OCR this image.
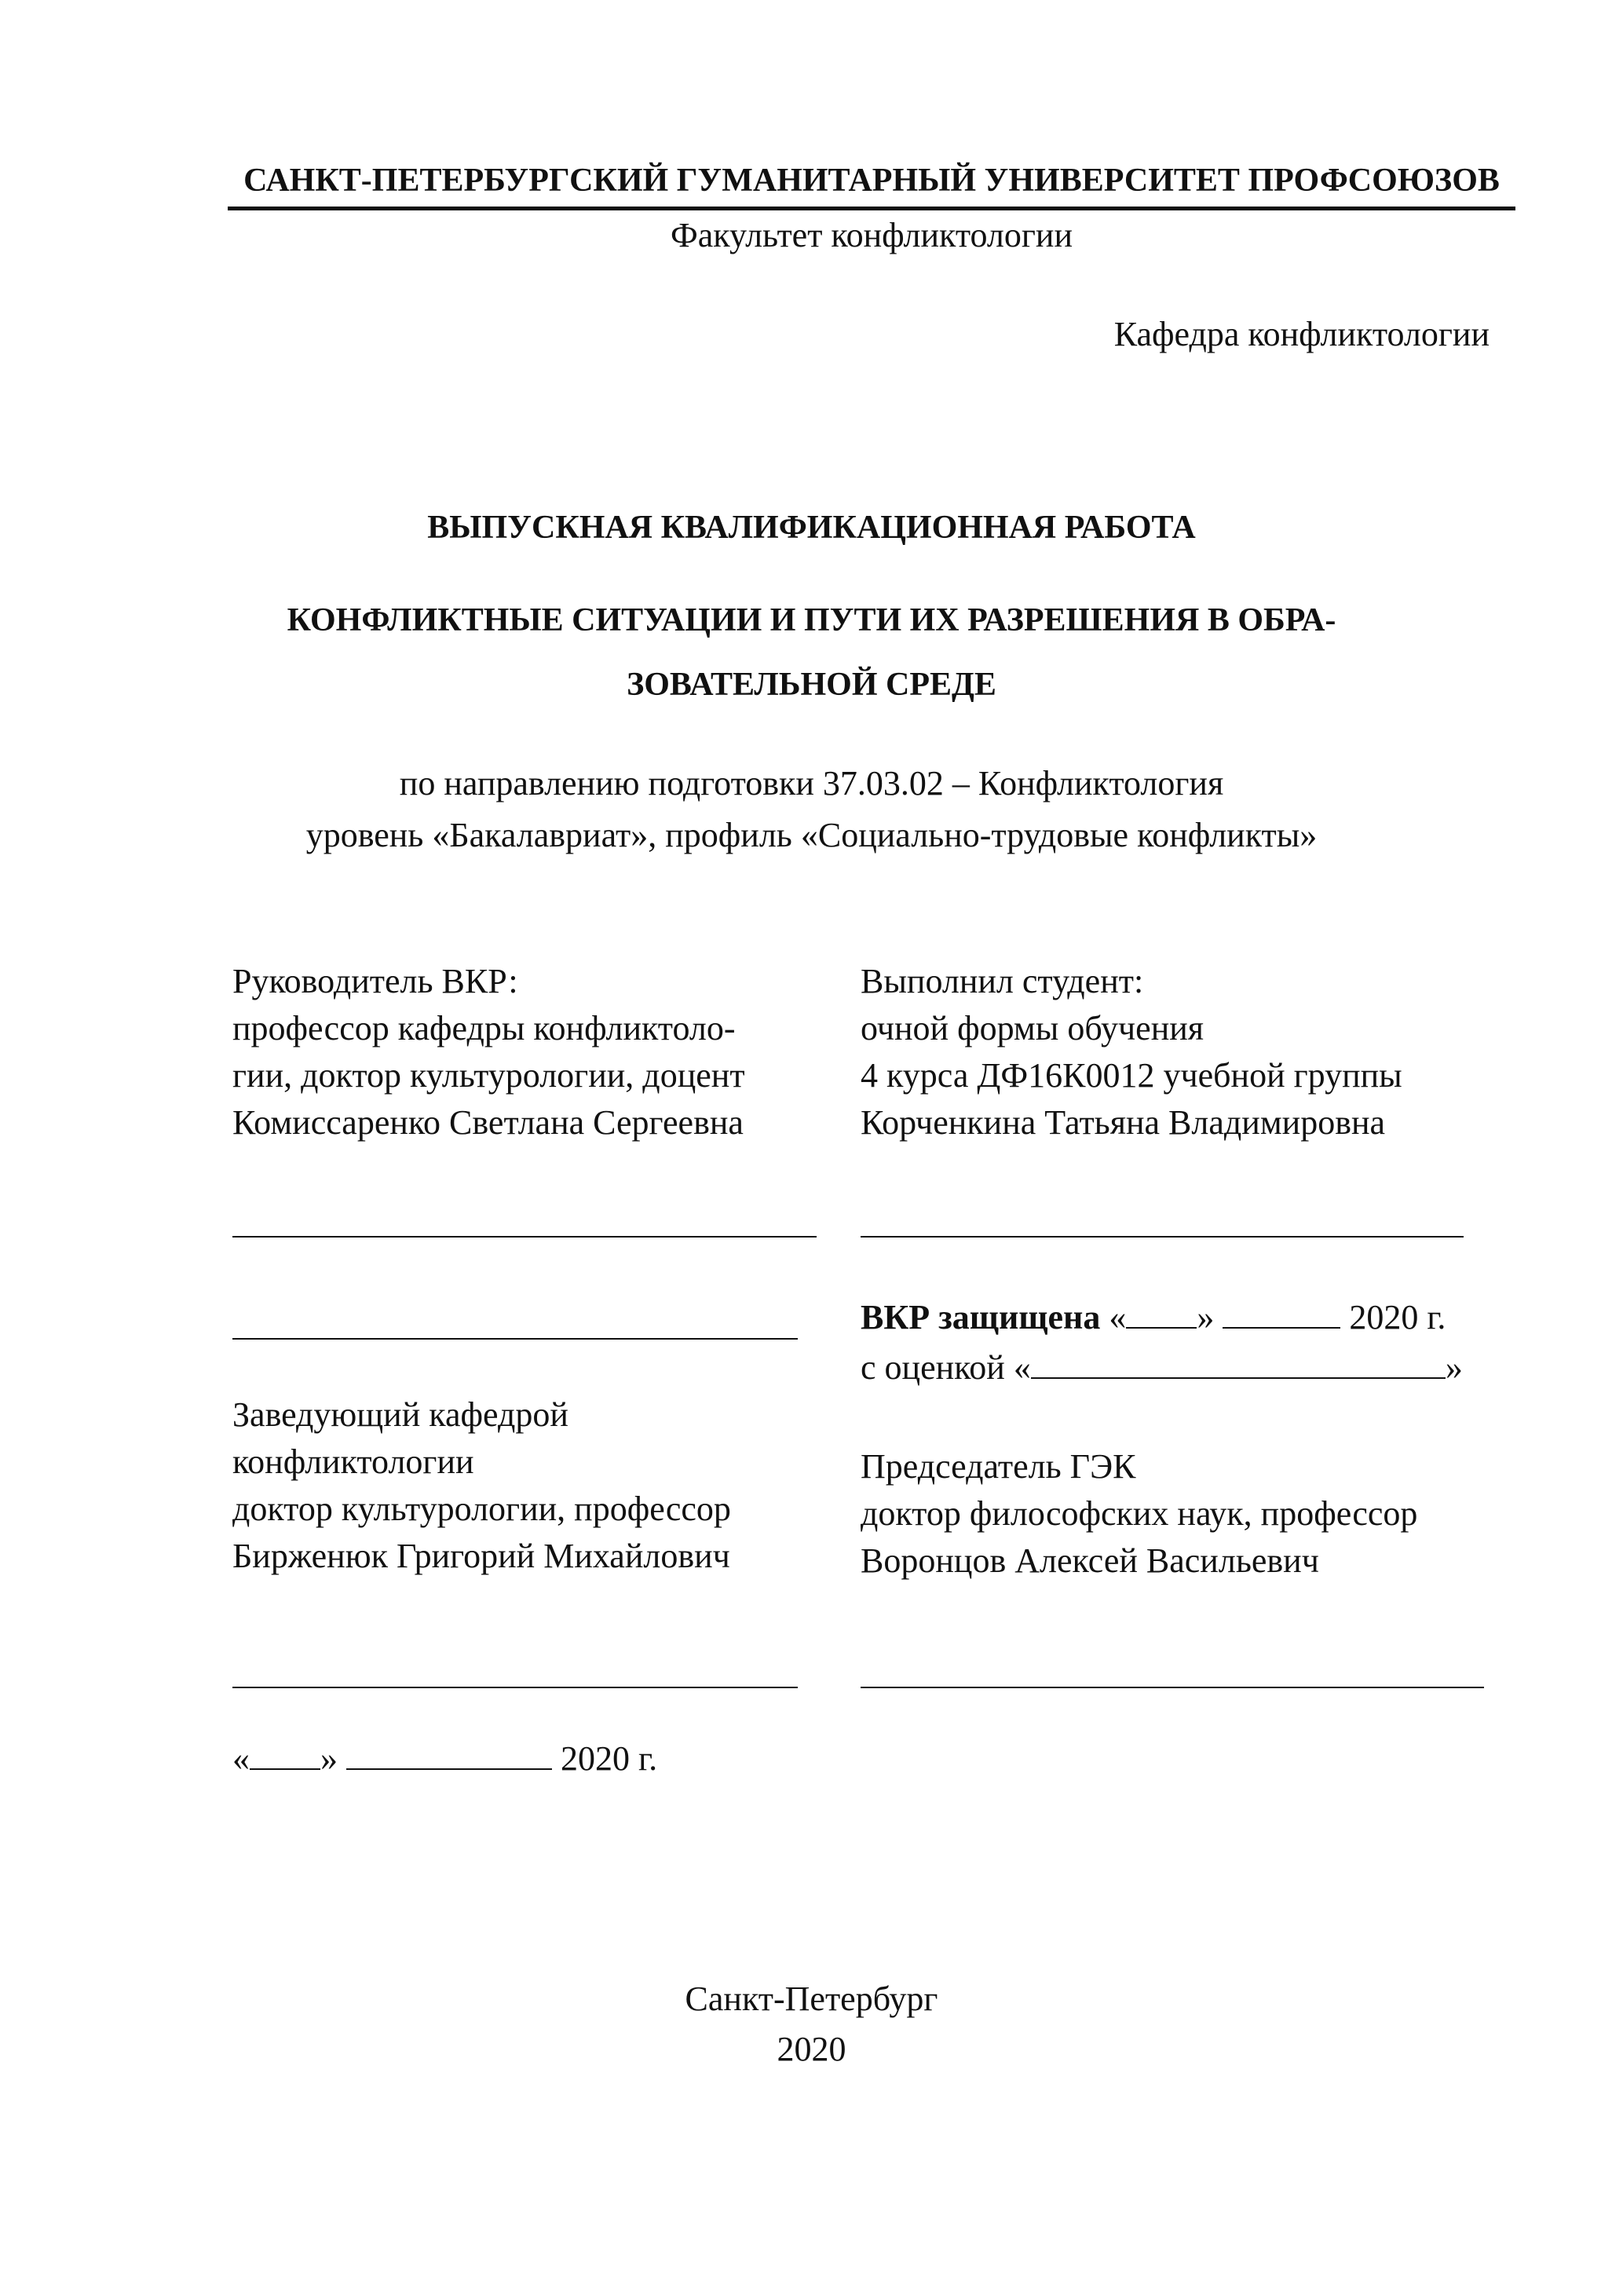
САНКТ-ПЕТЕРБУРГСКИЙ ГУМАНИТАРНЫЙ УНИВЕРСИТЕТ ПРОФСОЮЗОВ
Факультет конфликтологии
Кафедра конфликтологии
ВЫПУСКНАЯ КВАЛИФИКАЦИОННАЯ РАБОТА
КОНФЛИКТНЫЕ СИТУАЦИИ И ПУТИ ИХ РАЗРЕШЕНИЯ В ОБРА-
ЗОВАТЕЛЬНОЙ СРЕДЕ
по направлению подготовки 37.03.02 – Конфликтология
уровень «Бакалавриат», профиль «Социально-трудовые конфликты»
Руководитель ВКР:
профессор кафедры конфликтоло-
гии, доктор культурологии, доцент
Комиссаренко Светлана Сергеевна
Выполнил студент:
очной формы обучения
4 курса ДФ16К0012 учебной группы
Корченкина Татьяна Владимировна
ВКР защищена « »	2020 г.
с оценкой «	»
Заведующий кафедрой
конфликтологии
доктор культурологии, профессор
Бирженюк Григорий Михайлович
Председатель ГЭК
доктор философских наук, профессор
Воронцов Алексей Васильевич
« »	2020 г.
Санкт-Петербург
2020
